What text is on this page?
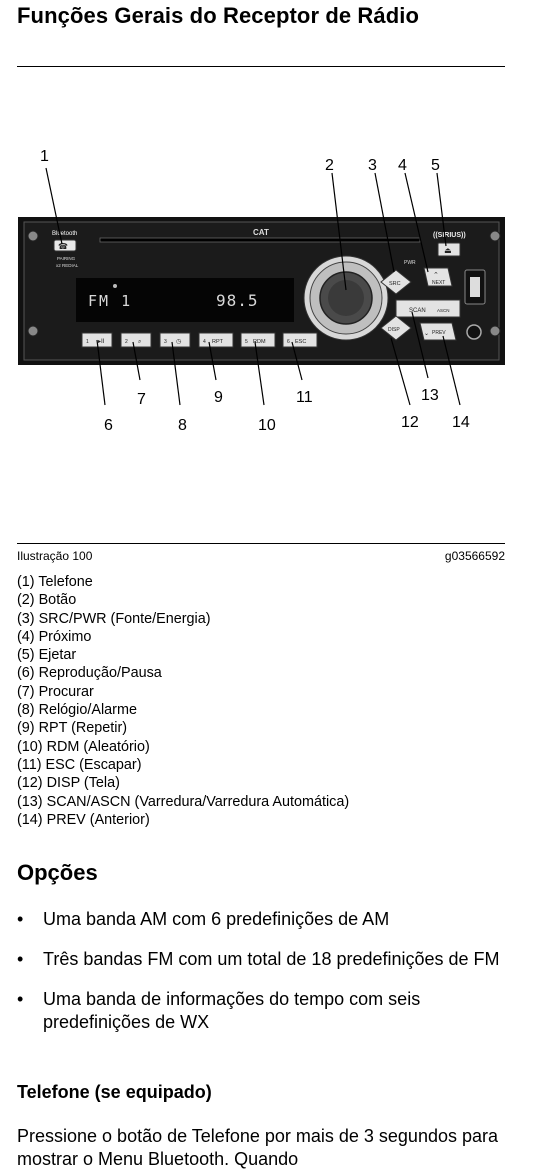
Funções Gerais do Receptor de Rádio
Bluetooth
☎
PAIRING
x2 REDIAL
CAT
FM 1	98.5
PWR
SRC
⌃
NEXT
((SIRIUS))
⏏
SCAN	ASCN
DISP	⌄ PREV
1 ▸II	2 ⌕	3 ◷	4 RPT	5 RDM	6 ESC
1
2 3 4 5
6
7
8
9
10
11
12
13
14
Ilustração 100	g03566592
(1) Telefone
(2) Botão
(3) SRC/PWR (Fonte/Energia)
(4) Próximo
(5) Ejetar
(6) Reprodução/Pausa
(7) Procurar
(8) Relógio/Alarme
(9) RPT (Repetir)
(10) RDM (Aleatório)
(11) ESC (Escapar)
(12) DISP (Tela)
(13) SCAN/ASCN (Varredura/Varredura Automática)
(14) PREV (Anterior)
Opções
• Uma banda AM com 6 predefinições de AM
• Três bandas FM com um total de 18 predefinições de FM
• Uma banda de informações do tempo com seis predefinições de WX
Telefone (se equipado)

Pressione o botão de Telefone por mais de 3 segundos para mostrar o Menu Bluetooth. Quando
